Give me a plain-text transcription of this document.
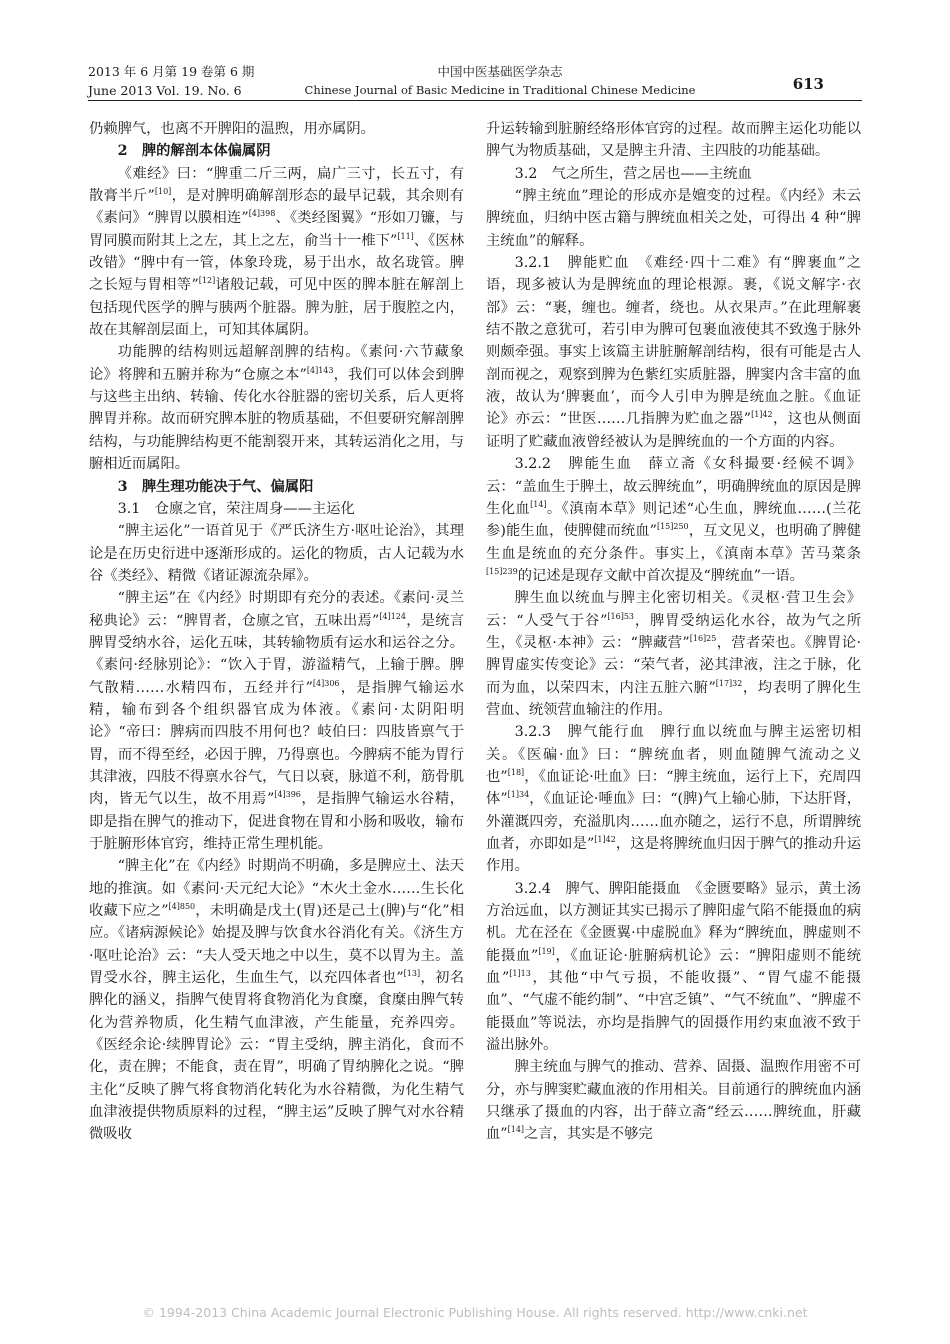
2013 年 6 月第 19 卷第 6 期
June 2013 Vol. 19. No. 6
中国中医基础医学杂志
Chinese Journal of Basic Medicine in Traditional Chinese Medicine	613

仍赖脾气，也离不开脾阳的温煦，用亦属阴。

2　脾的解剖本体偏属阴

《难经》曰：“脾重二斤三两，扁广三寸，长五寸，有散膏半斤”[10]，是对脾明确解剖形态的最早记载，其余则有《素问》“脾胃以膜相连”$^{[4]398}$、《类经图翼》“形如刀镰，与胃同膜而附其上之左，其上之左，俞当十一椎下”[11]、《医林改错》“脾中有一管，体象玲珑，易于出水，故名珑管。脾之长短与胃相等”[12]诸般记载，可见中医的脾本脏在解剖上包括现代医学的脾与胰两个脏器。脾为脏，居于腹腔之内，故在其解剖层面上，可知其体属阴。

功能脾的结构则远超解剖脾的结构。《素问·六节藏象论》将脾和五腑并称为“仓廪之本”$^{[4]143}$，我们可以体会到脾与这些主出纳、转输、传化水谷脏器的密切关系，后人更将脾胃并称。故而研究脾本脏的物质基础，不但要研究解剖脾结构，与功能脾结构更不能割裂开来，其转运消化之用，与腑相近而属阳。

3　脾生理功能决于气、偏属阳

3.1　仓廪之官，荣注周身——主运化

“脾主运化”一语首见于《严氏济生方·呕吐论治》，其理论是在历史衍进中逐渐形成的。运化的物质，古人记载为水谷《类经》、精微《诸证源流杂犀》。

“脾主运”在《内经》时期即有充分的表述。《素问·灵兰秘典论》云：“脾胃者，仓廪之官，五味出焉”$^{[4]124}$，是统言脾胃受纳水谷，运化五味，其转输物质有运水和运谷之分。《素问·经脉别论》：“饮入于胃，游溢精气，上输于脾。脾气散精……水精四布，五经并行”$^{[4]306}$，是指脾气输运水精，输布到各个组织器官成为体液。《素问·太阴阳明论》“帝曰：脾病而四肢不用何也？岐伯曰：四肢皆禀气于胃，而不得至经，必因于脾，乃得禀也。今脾病不能为胃行其津液，四肢不得禀水谷气，气日以衰，脉道不利，筋骨肌肉，皆无气以生，故不用焉”$^{[4]396}$，是指脾气输运水谷精，即是指在脾气的推动下，促进食物在胃和小肠和吸收，输布于脏腑形体官窍，维持正常生理机能。

“脾主化”在《内经》时期尚不明确，多是脾应土、法天地的推演。如《素问·天元纪大论》“木火土金水……生长化收藏下应之”$^{[4]850}$，未明确是戊土(胃)还是己土(脾)与“化”相应。《诸病源候论》始提及脾与饮食水谷消化有关。《济生方·呕吐论治》云：“夫人受天地之中以生，莫不以胃为主。盖胃受水谷，脾主运化，生血生气，以充四体者也”[13]，初名脾化的涵义，指脾气使胃将食物消化为食糜，食糜由脾气转化为营养物质，化生精气血津液，产生能量，充养四旁。《医经余论·续脾胃论》云：“胃主受纳，脾主消化，食而不化，责在脾；不能食，责在胃”，明确了胃纳脾化之说。“脾主化”反映了脾气将食物消化转化为水谷精微，为化生精气血津液提供物质原料的过程，“脾主运”反映了脾气对水谷精微吸收

升运转输到脏腑经络形体官窍的过程。故而脾主运化功能以脾气为物质基础，又是脾主升清、主四肢的功能基础。

3.2　气之所生，营之居也——主统血

“脾主统血”理论的形成亦是嬗变的过程。《内经》未云脾统血，归纳中医古籍与脾统血相关之处，可得出 4 种“脾主统血”的解释。

3.2.1　脾能贮血　《难经·四十二难》有“脾裹血”之语，现多被认为是脾统血的理论根源。裹，《说文解字·衣部》云：“裹，缠也。缠者，绕也。从衣果声。”在此理解裹结不散之意犹可，若引申为脾可包裹血液使其不致逸于脉外则颇牵强。事实上该篇主讲脏腑解剖结构，很有可能是古人剖而视之，观察到脾为色紫红实质脏器，脾窦内含丰富的血液，故认为‘脾裹血’，而今人引申为脾是统血之脏。《血证论》亦云：“世医……几指脾为贮血之器”$^{[1]42}$，这也从侧面证明了贮藏血液曾经被认为是脾统血的一个方面的内容。

3.2.2　脾能生血　薛立斋《女科撮要·经候不调》云：“盖血生于脾土，故云脾统血”，明确脾统血的原因是脾生化血[14]。《滇南本草》则记述“心生血，脾统血……(兰花参)能生血，使脾健而统血”$^{[15]250}$，互文见义，也明确了脾健生血是统血的充分条件。事实上，《滇南本草》苦马菜条$^{[15]239}$的记述是现存文献中首次提及“脾统血”一语。

脾生血以统血与脾主化密切相关。《灵枢·营卫生会》云：“人受气于谷”$^{[16]53}$，脾胃受纳运化水谷，故为气之所生，《灵枢·本神》云：“脾藏营”$^{[16]25}$，营者荣也。《脾胃论·脾胃虚实传变论》云：“荣气者，泌其津液，注之于脉，化而为血，以荣四末，内注五脏六腑”$^{[17]32}$，均表明了脾化生营血、统领营血输注的作用。

3.2.3　脾气能行血　脾行血以统血与脾主运密切相关。《医碥·血》曰：“脾统血者，则血随脾气流动之义也”[18]，《血证论·吐血》曰：“脾主统血，运行上下，充周四体”$^{[1]34}$，《血证论·唾血》曰：“(脾)气上输心肺，下达肝肾，外灌溉四旁，充溢肌肉……血亦随之，运行不息，所谓脾统血者，亦即如是”$^{[1]42}$，这是将脾统血归因于脾气的推动升运作用。

3.2.4　脾气、脾阳能摄血　《金匮要略》显示，黄土汤方治远血，以方测证其实已揭示了脾阳虚气陷不能摄血的病机。尤在泾在《金匮翼·中虚脱血》释为“脾统血，脾虚则不能摄血”[19]，《血证论·脏腑病机论》云：“脾阳虚则不能统血”$^{[1]13}$，其他“中气亏损，不能收摄”、“胃气虚不能摄血”、“气虚不能约制”、“中宫乏镇”、“气不统血”、“脾虚不能摄血”等说法，亦均是指脾气的固摄作用约束血液不致于溢出脉外。

脾主统血与脾气的推动、营养、固摄、温煦作用密不可分，亦与脾窦贮藏血液的作用相关。目前通行的脾统血内涵只继承了摄血的内容，出于薛立斋“经云……脾统血，肝藏血”[14]之言，其实是不够完

© 1994-2013 China Academic Journal Electronic Publishing House. All rights reserved. http://www.cnki.net
